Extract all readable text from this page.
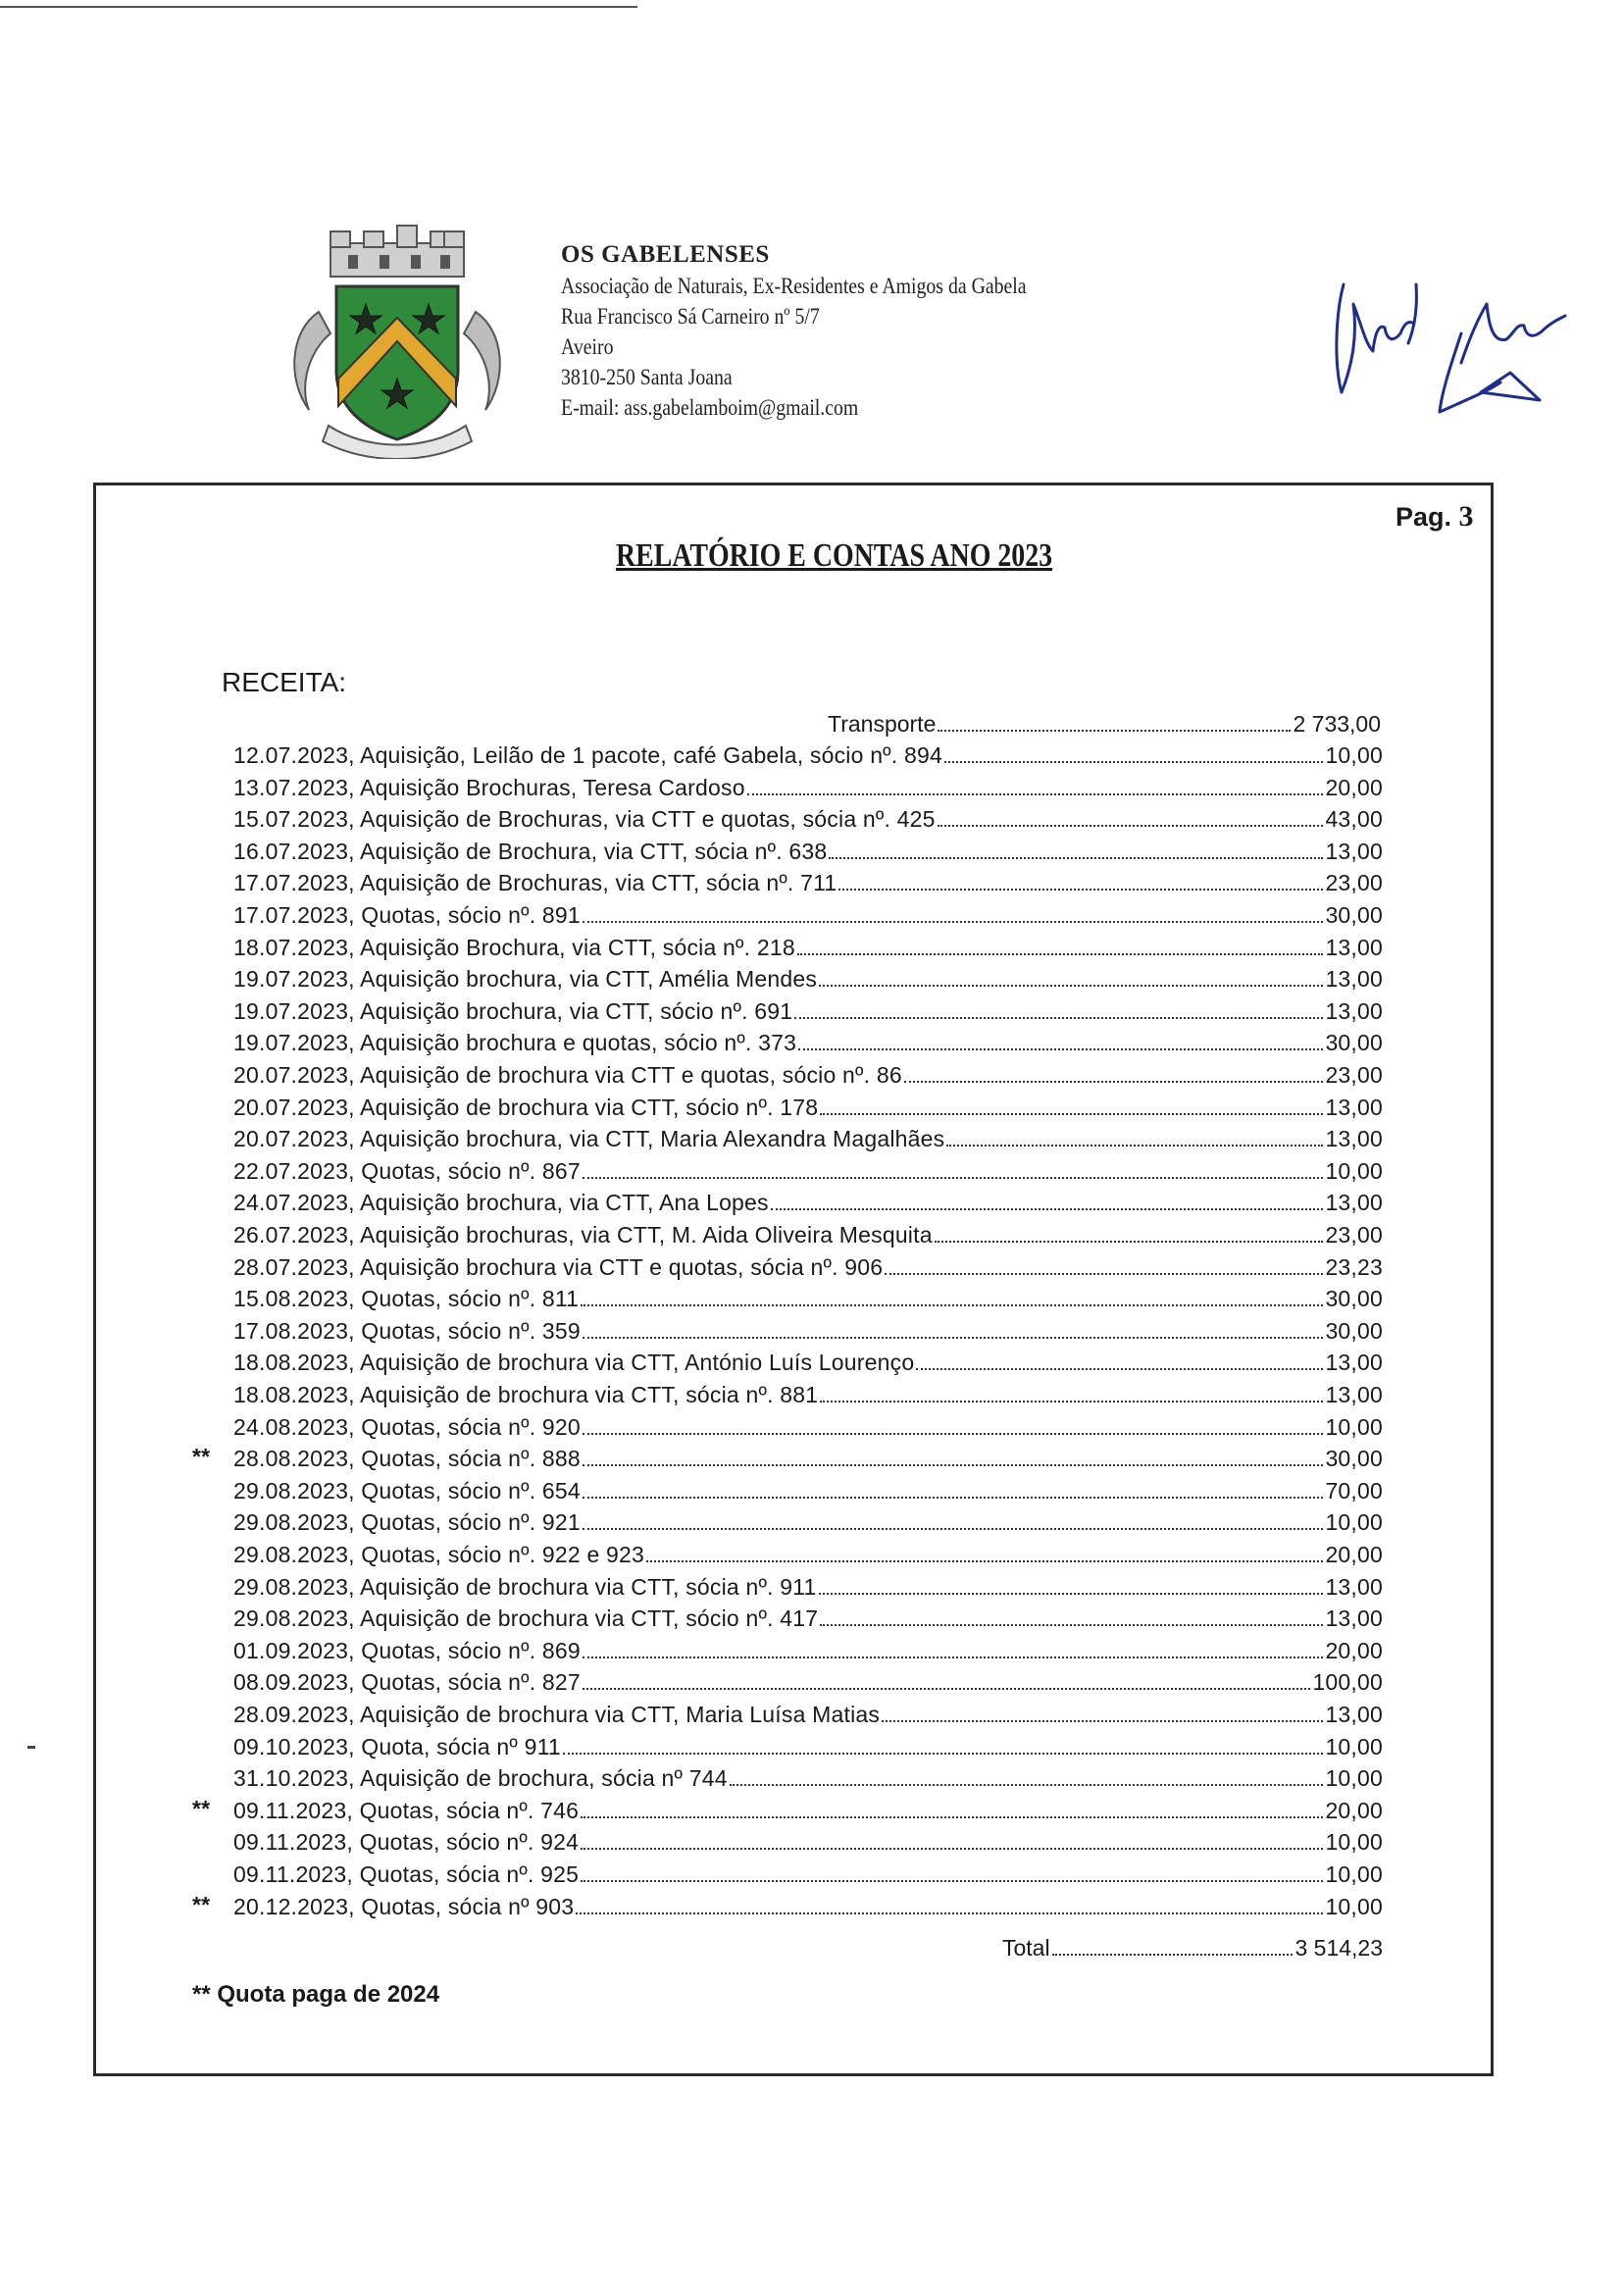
OS GABELENSES
Associação de Naturais, Ex-Residentes e Amigos da Gabela
Rua Francisco Sá Carneiro nº 5/7
Aveiro
3810-250 Santa Joana
E-mail: ass.gabelamboim@gmail.com
Pag. 3
RELATÓRIO E CONTAS ANO 2023
RECEITA:
Transporte	2 733,00
12.07.2023, Aquisição, Leilão de 1 pacote, café Gabela, sócio nº. 894	10,00
13.07.2023, Aquisição Brochuras, Teresa Cardoso	20,00
15.07.2023, Aquisição de Brochuras, via CTT e quotas, sócia nº. 425	43,00
16.07.2023, Aquisição de Brochura, via CTT, sócia nº. 638	13,00
17.07.2023, Aquisição de Brochuras, via CTT, sócia nº. 711	23,00
17.07.2023, Quotas, sócio nº. 891	30,00
18.07.2023, Aquisição Brochura, via CTT, sócia nº. 218	13,00
19.07.2023, Aquisição brochura, via CTT, Amélia Mendes	13,00
19.07.2023, Aquisição brochura, via CTT, sócio nº. 691	13,00
19.07.2023, Aquisição brochura e quotas, sócio nº. 373	30,00
20.07.2023, Aquisição de brochura via CTT e quotas, sócio nº. 86	23,00
20.07.2023, Aquisição de brochura via CTT, sócio nº. 178	13,00
20.07.2023, Aquisição brochura, via CTT, Maria Alexandra Magalhães	13,00
22.07.2023, Quotas, sócio nº. 867	10,00
24.07.2023, Aquisição brochura, via CTT, Ana Lopes	13,00
26.07.2023, Aquisição brochuras, via CTT, M. Aida Oliveira Mesquita	23,00
28.07.2023, Aquisição brochura via CTT e quotas, sócia nº. 906	23,23
15.08.2023, Quotas, sócio nº. 811	30,00
17.08.2023, Quotas, sócio nº. 359	30,00
18.08.2023, Aquisição de brochura via CTT, António Luís Lourenço	13,00
18.08.2023, Aquisição de brochura via CTT, sócia nº. 881	13,00
24.08.2023, Quotas, sócia nº. 920	10,00
** 28.08.2023, Quotas, sócia nº. 888	30,00
29.08.2023, Quotas, sócio nº. 654	70,00
29.08.2023, Quotas, sócio nº. 921	10,00
29.08.2023, Quotas, sócio nº. 922 e 923	20,00
29.08.2023, Aquisição de brochura via CTT, sócia nº. 911	13,00
29.08.2023, Aquisição de brochura via CTT, sócio nº. 417	13,00
01.09.2023, Quotas, sócio nº. 869	20,00
08.09.2023, Quotas, sócia nº. 827	100,00
28.09.2023, Aquisição de brochura via CTT, Maria Luísa Matias	13,00
09.10.2023, Quota, sócia nº 911	10,00
31.10.2023, Aquisição de brochura, sócia nº 744	10,00
** 09.11.2023, Quotas, sócia nº. 746	20,00
09.11.2023, Quotas, sócio nº. 924	10,00
09.11.2023, Quotas, sócia nº. 925	10,00
** 20.12.2023, Quotas, sócia nº 903	10,00
Total	3 514,23
** Quota paga de 2024
